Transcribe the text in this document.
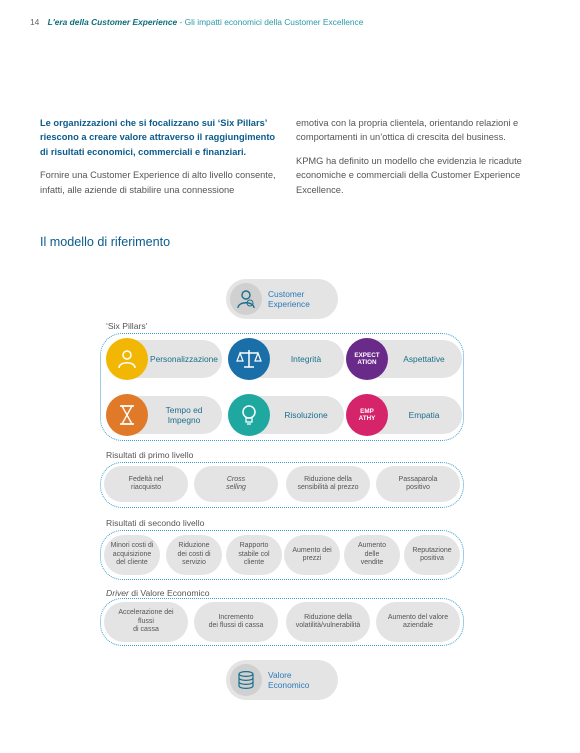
14 L'era della Customer Experience - Gli impatti economici della Customer Excellence

Le organizzazioni che si focalizzano sui ‘Six Pillars’ riescono a creare valore attraverso il raggiungimento di risultati economici, commerciali e finanziari.

Fornire una Customer Experience di alto livello consente, infatti, alle aziende di stabilire una connessione

emotiva con la propria clientela, orientando relazioni e comportamenti in un’ottica di crescita del business.

KPMG ha definito un modello che evidenzia le ricadute economiche e commerciali della Customer Experience Excellence.

Il modello di riferimento
Customer
Experience
‘Six Pillars’
Personalizzazione	Integrità	EXPECT
ATION	Aspettative
Tempo ed Impegno	Risoluzione	EMP
ATHY	Empatia
Risultati di primo livello
Fedeltà nel
riacquisto
Cross
selling
Riduzione della
sensibilità al prezzo
Passaparola
positivo
Risultati di secondo livello
Minori costi di
acquisizione
del cliente
Riduzione
dei costi di
servizio
Rapporto
stabile col
cliente
Aumento dei
prezzi
Aumento delle
vendite
Reputazione
positiva
Driver di Valore Economico
Accelerazione dei flussi
di cassa
Incremento
dei flussi di cassa
Riduzione della
volatilità/vulnerabilità
Aumento del valore
aziendale
Valore
Economico
